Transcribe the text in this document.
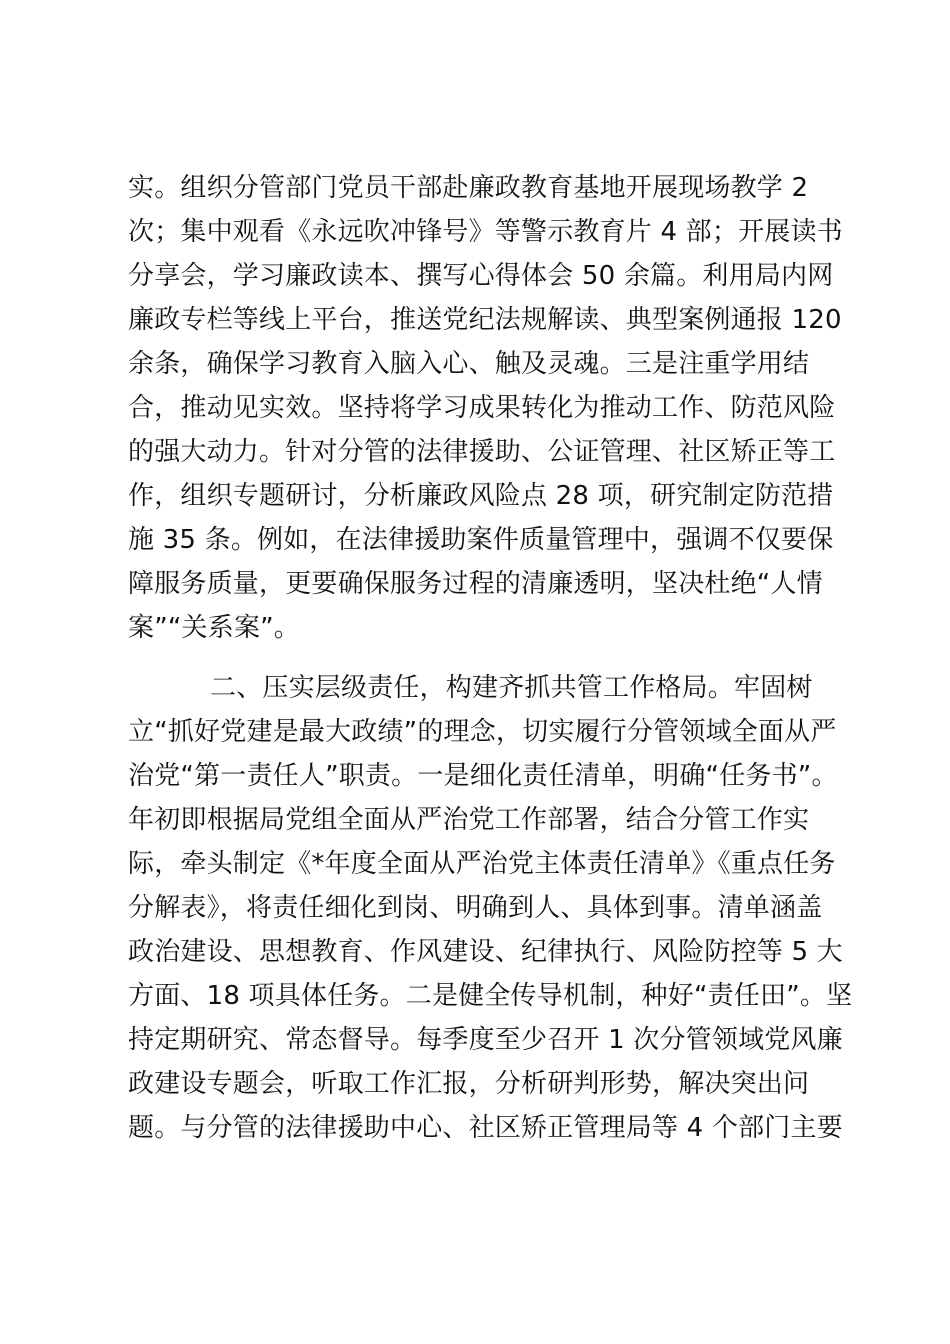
实。组织分管部门党员干部赴廉政教育基地开展现场教学 2
次；集中观看《永远吹冲锋号》等警示教育片 4 部；开展读书
分享会，学习廉政读本、撰写心得体会 50 余篇。利用局内网
廉政专栏等线上平台，推送党纪法规解读、典型案例通报 120
余条，确保学习教育入脑入心、触及灵魂。三是注重学用结
合，推动见实效。坚持将学习成果转化为推动工作、防范风险
的强大动力。针对分管的法律援助、公证管理、社区矫正等工
作，组织专题研讨，分析廉政风险点 28 项，研究制定防范措
施 35 条。例如，在法律援助案件质量管理中，强调不仅要保
障服务质量，更要确保服务过程的清廉透明，坚决杜绝“人情
案”“关系案”。
二、压实层级责任，构建齐抓共管工作格局。牢固树
立“抓好党建是最大政绩”的理念，切实履行分管领域全面从严
治党“第一责任人”职责。一是细化责任清单，明确“任务书”。
年初即根据局党组全面从严治党工作部署，结合分管工作实
际，牵头制定《*年度全面从严治党主体责任清单》《重点任务
分解表》，将责任细化到岗、明确到人、具体到事。清单涵盖
政治建设、思想教育、作风建设、纪律执行、风险防控等 5 大
方面、18 项具体任务。二是健全传导机制，种好“责任田”。坚
持定期研究、常态督导。每季度至少召开 1 次分管领域党风廉
政建设专题会，听取工作汇报，分析研判形势，解决突出问
题。与分管的法律援助中心、社区矫正管理局等 4 个部门主要
